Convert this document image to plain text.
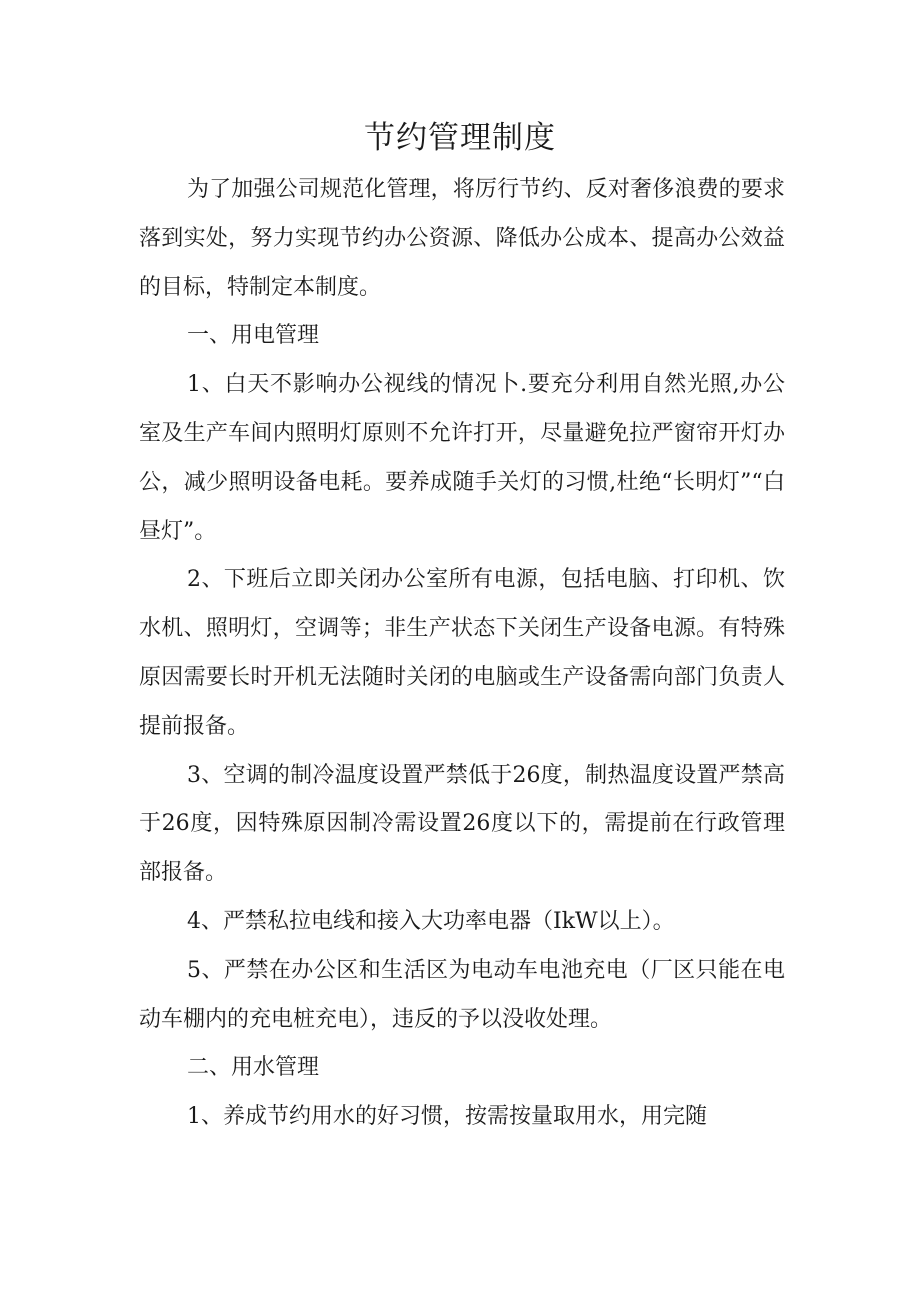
节约管理制度

为了加强公司规范化管理，将厉行节约、反对奢侈浪费的要求落到实处，努力实现节约办公资源、降低办公成本、提高办公效益的目标，特制定本制度。

一、用电管理

1、白天不影响办公视线的情况卜.要充分利用自然光照,办公室及生产车间内照明灯原则不允许打开，尽量避免拉严窗帘开灯办公，减少照明设备电耗。要养成随手关灯的习惯,杜绝“长明灯”“白昼灯”。

2、下班后立即关闭办公室所有电源，包括电脑、打印机、饮水机、照明灯，空调等；非生产状态下关闭生产设备电源。有特殊原因需要长时开机无法随时关闭的电脑或生产设备需向部门负责人提前报备。

3、空调的制冷温度设置严禁低于26度，制热温度设置严禁高于26度，因特殊原因制冷需设置26度以下的，需提前在行政管理部报备。

4、严禁私拉电线和接入大功率电器（IkW以上）。

5、严禁在办公区和生活区为电动车电池充电（厂区只能在电动车棚内的充电桩充电），违反的予以没收处理。

二、用水管理

1、养成节约用水的好习惯，按需按量取用水，用完随
